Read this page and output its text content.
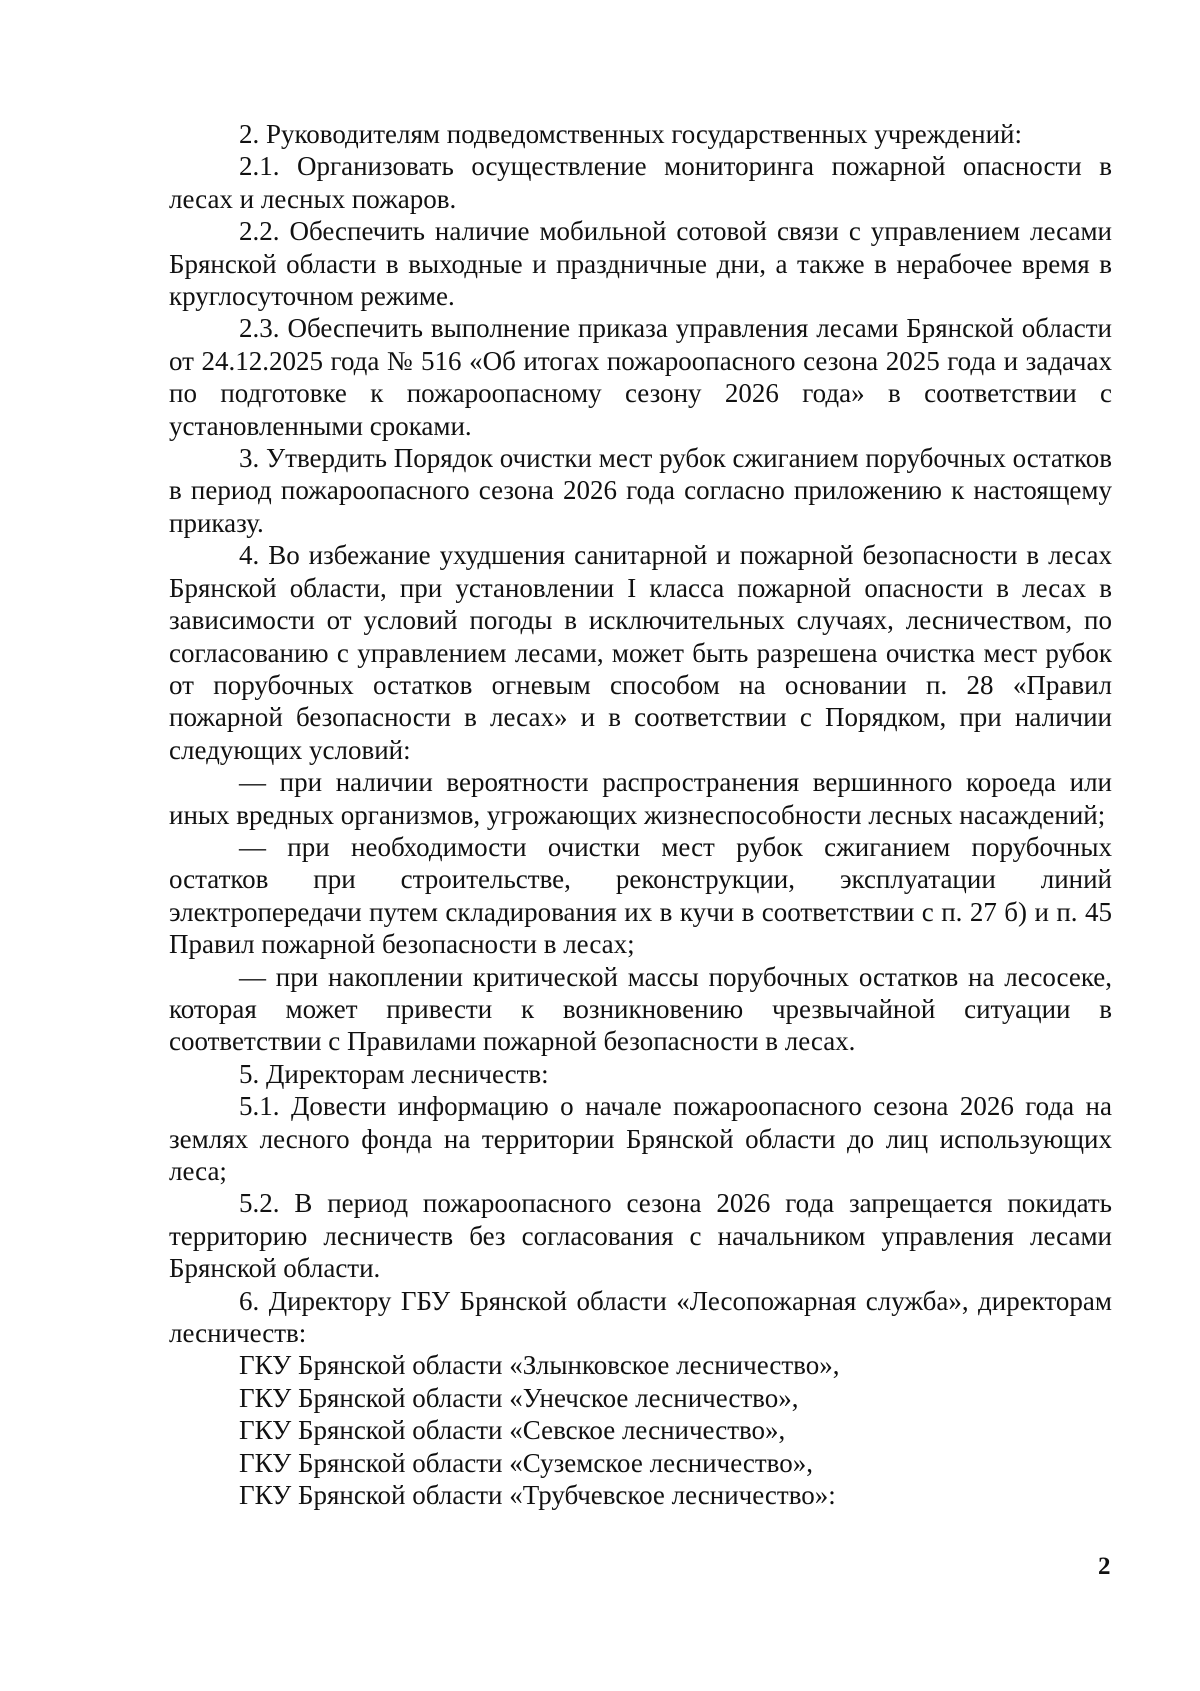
2. Руководителям подведомственных государственных учреждений:

2.1. Организовать осуществление мониторинга пожарной опасности в лесах и лесных пожаров.

2.2. Обеспечить наличие мобильной сотовой связи с управлением лесами Брянской области в выходные и праздничные дни, а также в нерабочее время в круглосуточном режиме.

2.3. Обеспечить выполнение приказа управления лесами Брянской области от 24.12.2025 года № 516 «Об итогах пожароопасного сезона 2025 года и задачах по подготовке к пожароопасному сезону 2026 года» в соответствии с установленными сроками.

3. Утвердить Порядок очистки мест рубок сжиганием порубочных остатков в период пожароопасного сезона 2026 года согласно приложению к настоящему приказу.

4. Во избежание ухудшения санитарной и пожарной безопасности в лесах Брянской области, при установлении I класса пожарной опасности в лесах в зависимости от условий погоды в исключительных случаях, лесничеством, по согласованию с управлением лесами, может быть разрешена очистка мест рубок от порубочных остатков огневым способом на основании п. 28 «Правил пожарной безопасности в лесах» и в соответствии с Порядком, при наличии следующих условий:

— при наличии вероятности распространения вершинного короеда или иных вредных организмов, угрожающих жизнеспособности лесных насаждений;

— при необходимости очистки мест рубок сжиганием порубочных остатков при строительстве, реконструкции, эксплуатации линий электропередачи путем складирования их в кучи в соответствии с п. 27 б) и п. 45 Правил пожарной безопасности в лесах;

— при накоплении критической массы порубочных остатков на лесосеке, которая может привести к возникновению чрезвычайной ситуации в соответствии с Правилами пожарной безопасности в лесах.

5. Директорам лесничеств:

5.1. Довести информацию о начале пожароопасного сезона 2026 года на землях лесного фонда на территории Брянской области до лиц использующих леса;

5.2. В период пожароопасного сезона 2026 года запрещается покидать территорию лесничеств без согласования с начальником управления лесами Брянской области.

6. Директору ГБУ Брянской области «Лесопожарная служба», директорам лесничеств:

ГКУ Брянской области «Злынковское лесничество»,

ГКУ Брянской области «Унечское лесничество»,

ГКУ Брянской области «Севское лесничество»,

ГКУ Брянской области «Суземское лесничество»,

ГКУ Брянской области «Трубчевское лесничество»:

2
